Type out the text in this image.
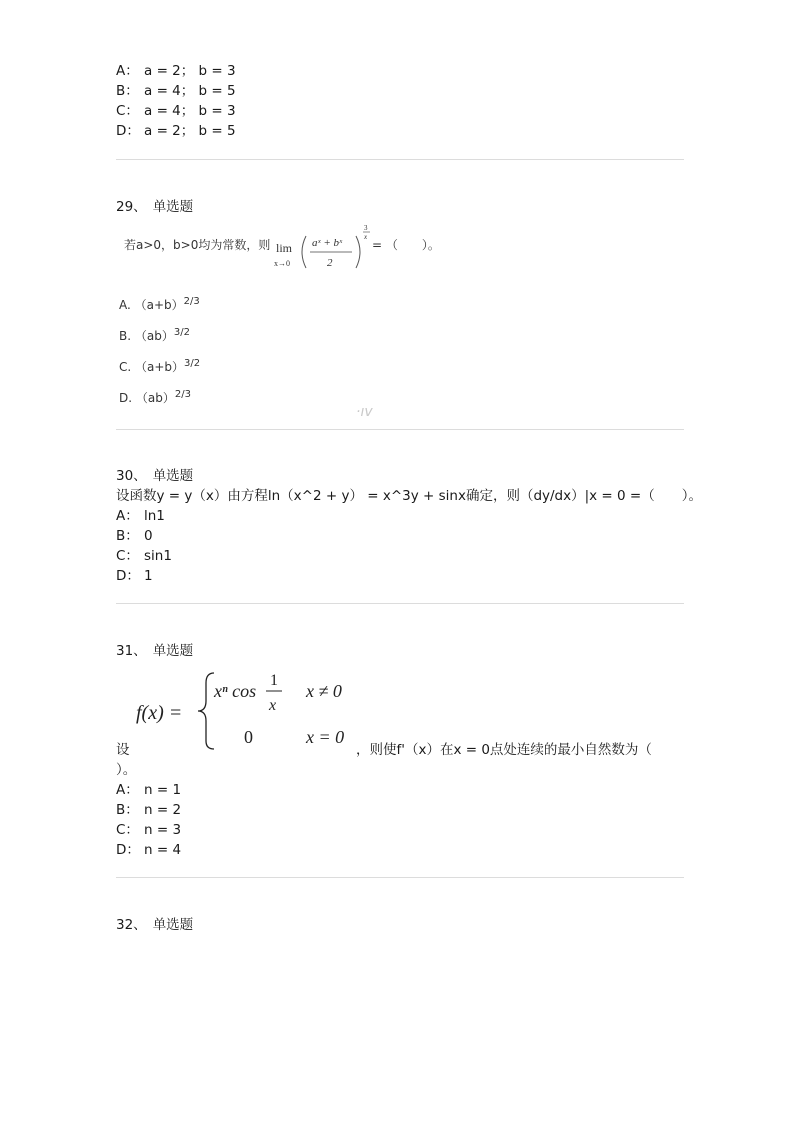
A： a = 2； b = 3
B： a = 4； b = 5
C： a = 4； b = 3
D： a = 2； b = 5
29、 单选题
若a>0，b>0均为常数，则 lim
x→0
aˣ + bˣ
2
3
x
= （　　）。
A. $(a+b)^{2/3}$
B. （ab）$^{3/2}$
C. $(a+b)^{3/2}$
D. （ab）$^{2/3}$
·ıv
30、 单选题
设函数y = y（x）由方程ln（x^2 + y） = x^3y + sinx确定，则（dy/dx）|x = 0 =（　　）。
A： ln1
B： 0
C： sin1
D： 1
31、 单选题
f(x) =
xⁿ cos
1
x
x ≠ 0
0	x = 0
设	，则使f'（x）在x = 0点处连续的最小自然数为（
）。
A： n = 1
B： n = 2
C： n = 3
D： n = 4
32、 单选题
